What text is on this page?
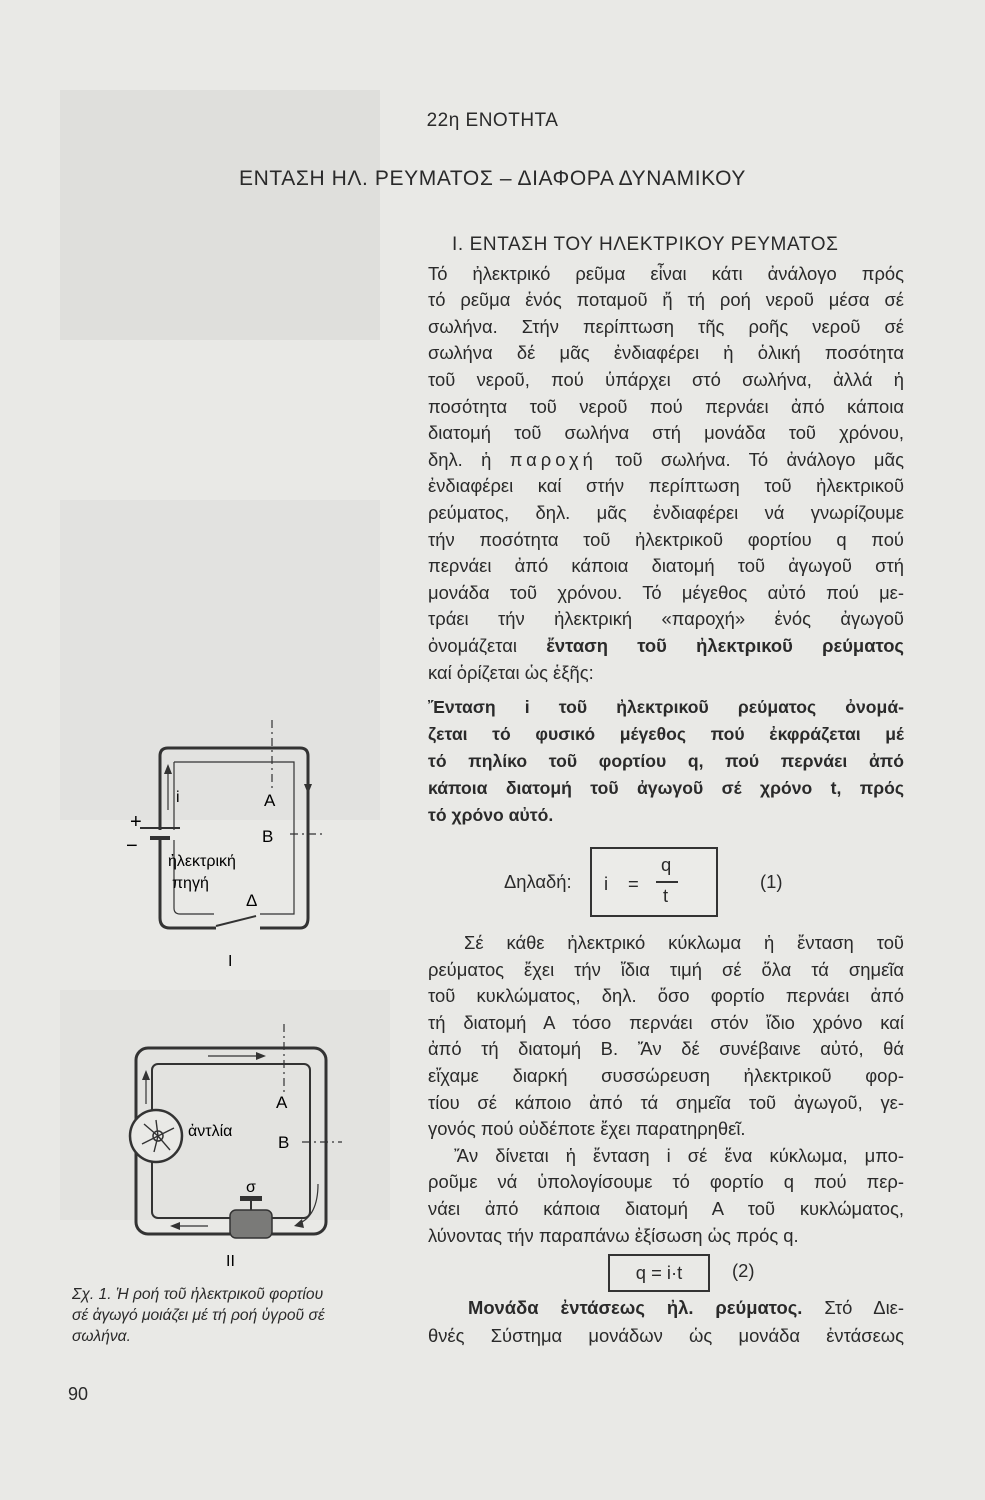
22η ΕΝΟΤΗΤΑ
ΕΝΤΑΣΗ ΗΛ. ΡΕΥΜΑΤΟΣ – ΔΙΑΦΟΡΑ ΔΥΝΑΜΙΚΟΥ
Ι. ΕΝΤΑΣΗ ΤΟΥ ΗΛΕΚΤΡΙΚΟΥ ΡΕΥΜΑΤΟΣ
Τό ἠλεκτρικό ρεῦμα εἶναι κάτι ἀνάλογο πρός
τό ρεῦμα ἑνός ποταμοῦ ἤ τή ροή νεροῦ μέσα σέ
σωλήνα. Στήν περίπτωση τῆς ροῆς νεροῦ σέ
σωλήνα δέ μᾶς ἐνδιαφέρει ἡ ὁλική ποσότητα
τοῦ νεροῦ, πού ὑπάρχει στό σωλήνα, ἀλλά ἡ
ποσότητα τοῦ νεροῦ πού περνάει ἀπό κάποια
διατομή τοῦ σωλήνα στή μονάδα τοῦ χρόνου,
δηλ. ἡ παροχή τοῦ σωλήνα. Τό ἀνάλογο μᾶς
ἐνδιαφέρει καί στήν περίπτωση τοῦ ἠλεκτρικοῦ
ρεύματος, δηλ. μᾶς ἐνδιαφέρει νά γνωρίζουμε
τήν ποσότητα τοῦ ἠλεκτρικοῦ φορτίου q πού
περνάει ἀπό κάποια διατομή τοῦ ἀγωγοῦ στή
μονάδα τοῦ χρόνου. Τό μέγεθος αὐτό πού με-
τράει τήν ἠλεκτρική «παροχή» ἑνός ἀγωγοῦ
ὀνομάζεται ἔνταση τοῦ ἠλεκτρικοῦ ρεύματος
καί ὁρίζεται ὡς ἑξῆς:
Ἔνταση i τοῦ ἠλεκτρικοῦ ρεύματος ὀνομά-
ζεται τό φυσικό μέγεθος πού ἐκφράζεται μέ
τό πηλίκο τοῦ φορτίου q, πού περνάει ἀπό
κάποια διατομή τοῦ ἀγωγοῦ σέ χρόνο t, πρός
τό χρόνο αὐτό.
Δηλαδή: i =
q
t
(1)
Σέ κάθε ἠλεκτρικό κύκλωμα ἡ ἔνταση τοῦ
ρεύματος ἔχει τήν ἴδια τιμή σέ ὅλα τά σημεῖα
τοῦ κυκλώματος, δηλ. ὅσο φορτίο περνάει ἀπό
τή διατομή Α τόσο περνάει στόν ἴδιο χρόνο καί
ἀπό τή διατομή Β. Ἄν δέ συνέβαινε αὐτό, θά
εἴχαμε διαρκή συσσώρευση ἠλεκτρικοῦ φορ-
τίου σέ κάποιο ἀπό τά σημεῖα τοῦ ἀγωγοῦ, γε-
γονός πού οὐδέποτε ἔχει παρατηρηθεῖ.
Ἄν δίνεται ἡ ἔνταση i σέ ἕνα κύκλωμα, μπο-
ροῦμε νά ὑπολογίσουμε τό φορτίο q πού περ-
νάει ἀπό κάποια διατομή Α τοῦ κυκλώματος,
λύνοντας τήν παραπάνω ἐξίσωση ὡς πρός q.
q = i·t	(2)
Μονάδα ἐντάσεως ἠλ. ρεύματος. Στό Διε-
θνές Σύστημα μονάδων ὡς μονάδα ἐντάσεως
i
+
−
Α
Β
ἠλεκτρική
πηγή
Δ
Ι
Α
Β
ἀντλία
σ
ΙΙ
Σχ. 1. Ἡ ροή τοῦ ἠλεκτρικοῦ φορτίου
σέ ἀγωγό μοιάζει μέ τή ροή ὑγροῦ σέ
σωλήνα.
90
